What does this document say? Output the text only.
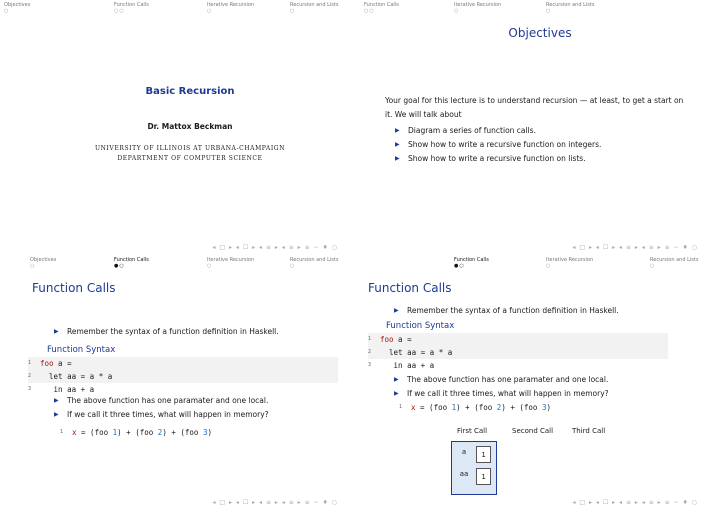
Objectives
○
Function Calls
○○
Iterative Recursion
○
Recursion and Lists
○
Basic Recursion
Dr. Mattox Beckman
UNIVERSITY OF ILLINOIS AT URBANA-CHAMPAIGN
DEPARTMENT OF COMPUTER SCIENCE
◂ □ ▸ ◂ ☐ ▸ ◂ ≡ ▸ ◂ ≡ ▸ ≡ ∽ ♦ ○
Function Calls
○○
Iterative Recursion
○
Recursion and Lists
○
Objectives
Your goal for this lecture is to understand recursion — at least, to get a start on it. We will talk about
▶ Diagram a series of function calls.
▶ Show how to write a recursive function on integers.
▶ Show how to write a recursive function on lists.
◂ □ ▸ ◂ ☐ ▸ ◂ ≡ ▸ ◂ ≡ ▸ ≡ ∽ ♦ ○
Objectives
○
Function Calls
●○
Iterative Recursion
○
Recursion and Lists
○
Function Calls
▶ Remember the syntax of a function definition in Haskell.
Function Syntax
1 foo a =
2 let aa = a * a
3 in aa + a
▶ The above function has one paramater and one local.
▶ If we call it three times, what will happen in memory?
1 x = (foo 1) + (foo 2) + (foo 3)
◂ □ ▸ ◂ ☐ ▸ ◂ ≡ ▸ ◂ ≡ ▸ ≡ ∽ ♦ ○
Function Calls
●○
Iterative Recursion
○
Recursion and Lists
○
Function Calls
▶ Remember the syntax of a function definition in Haskell.
Function Syntax
1 foo a =
2 let aa = a * a
3 in aa + a
▶ The above function has one paramater and one local.
▶ If we call it three times, what will happen in memory?
1 x = (foo 1) + (foo 2) + (foo 3)
First Call	Second Call	Third Call
a	1
aa	1
◂ □ ▸ ◂ ☐ ▸ ◂ ≡ ▸ ◂ ≡ ▸ ≡ ∽ ♦ ○
